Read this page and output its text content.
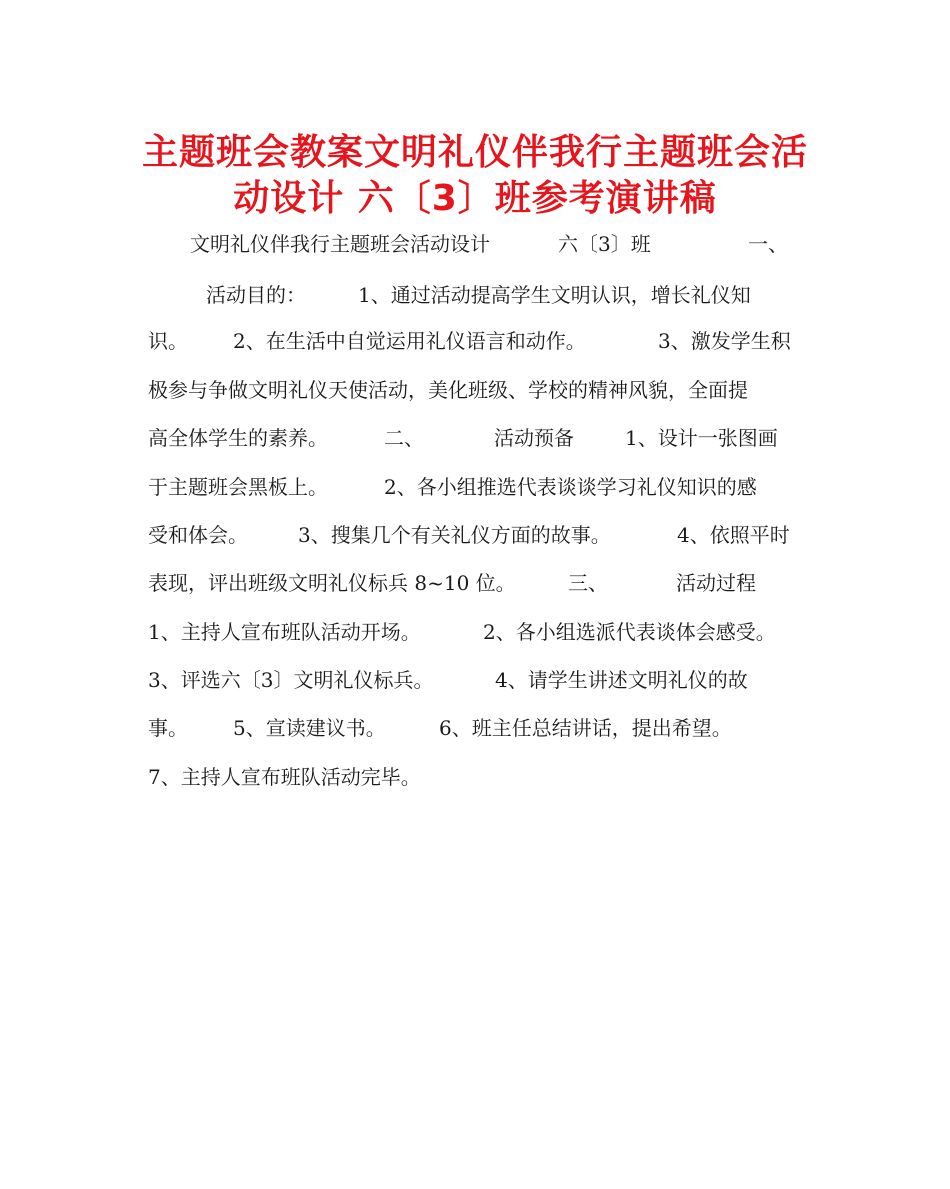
主题班会教案文明礼仪伴我行主题班会活
动设计 六〔3〕班参考演讲稿
文明礼仪伴我行主题班会活动设计	六〔3〕班	一、
活动目的：	1、通过活动提高学生文明认识，增长礼仪知
识。 2、在生活中自觉运用礼仪语言和动作。	3、激发学生积
极参与争做文明礼仪天使活动，美化班级、学校的精神风貌，全面提
高全体学生的素养。	二、	活动预备	1、设计一张图画
于主题班会黑板上。	2、各小组推选代表谈谈学习礼仪知识的感
受和体会。	3、搜集几个有关礼仪方面的故事。	4、依照平时
表现，评出班级文明礼仪标兵 8~10 位。	三、	活动过程
1、主持人宣布班队活动开场。	2、各小组选派代表谈体会感受。
3、评选六〔3〕文明礼仪标兵。	4、请学生讲述文明礼仪的故
事。 5、宣读建议书。	6、班主任总结讲话，提出希望。
7、主持人宣布班队活动完毕。
